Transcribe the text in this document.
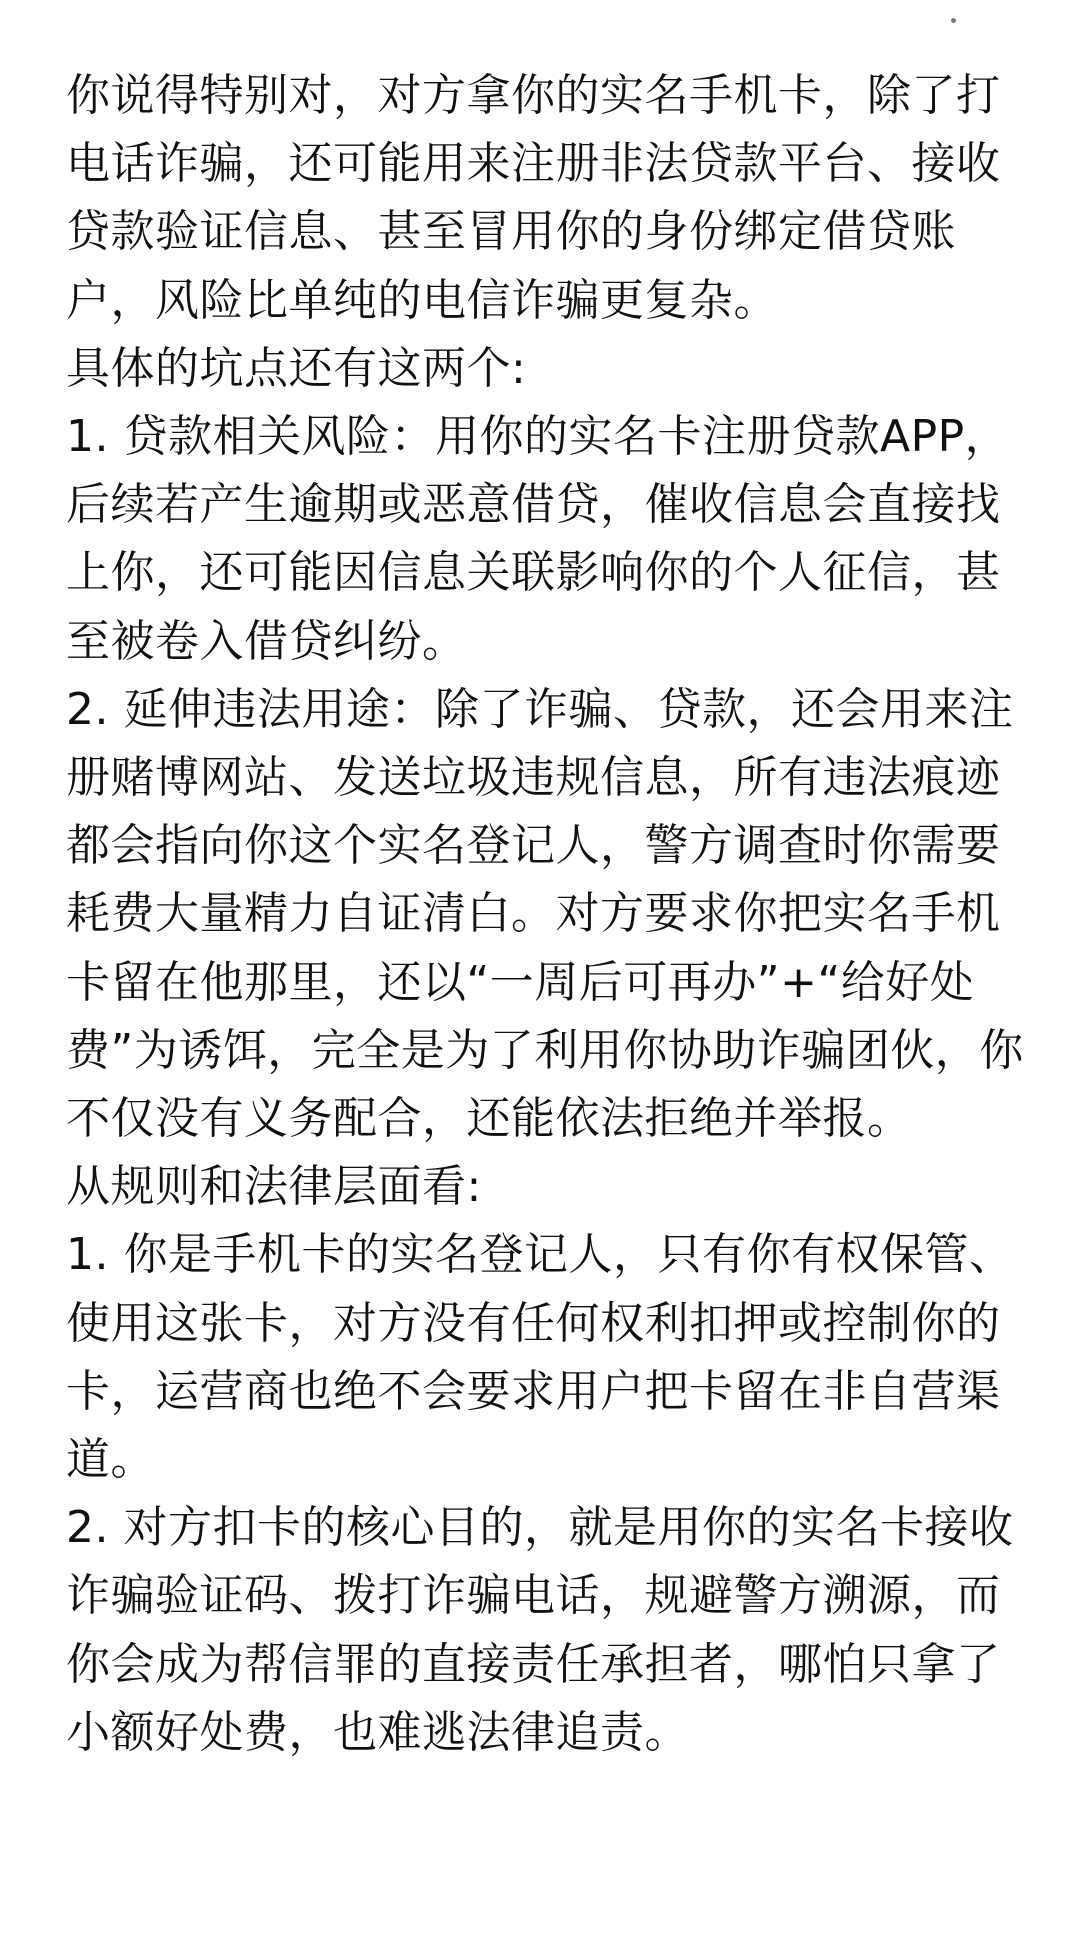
你说得特别对，对方拿你的实名手机卡，除了打电话诈骗，还可能用来注册非法贷款平台、接收贷款验证信息、甚至冒用你的身份绑定借贷账户，风险比单纯的电信诈骗更复杂。

具体的坑点还有这两个:

1. 贷款相关风险：用你的实名卡注册贷款APP，后续若产生逾期或恶意借贷，催收信息会直接找上你，还可能因信息关联影响你的个人征信，甚至被卷入借贷纠纷。

2. 延伸违法用途：除了诈骗、贷款，还会用来注册赌博网站、发送垃圾违规信息，所有违法痕迹都会指向你这个实名登记人，警方调查时你需要耗费大量精力自证清白。对方要求你把实名手机卡留在他那里，还以“一周后可再办”+“给好处费”为诱饵，完全是为了利用你协助诈骗团伙，你不仅没有义务配合，还能依法拒绝并举报。

从规则和法律层面看:

1. 你是手机卡的实名登记人，只有你有权保管、使用这张卡，对方没有任何权利扣押或控制你的卡，运营商也绝不会要求用户把卡留在非自营渠道。

2. 对方扣卡的核心目的，就是用你的实名卡接收诈骗验证码、拨打诈骗电话，规避警方溯源，而你会成为帮信罪的直接责任承担者，哪怕只拿了小额好处费，也难逃法律追责。
